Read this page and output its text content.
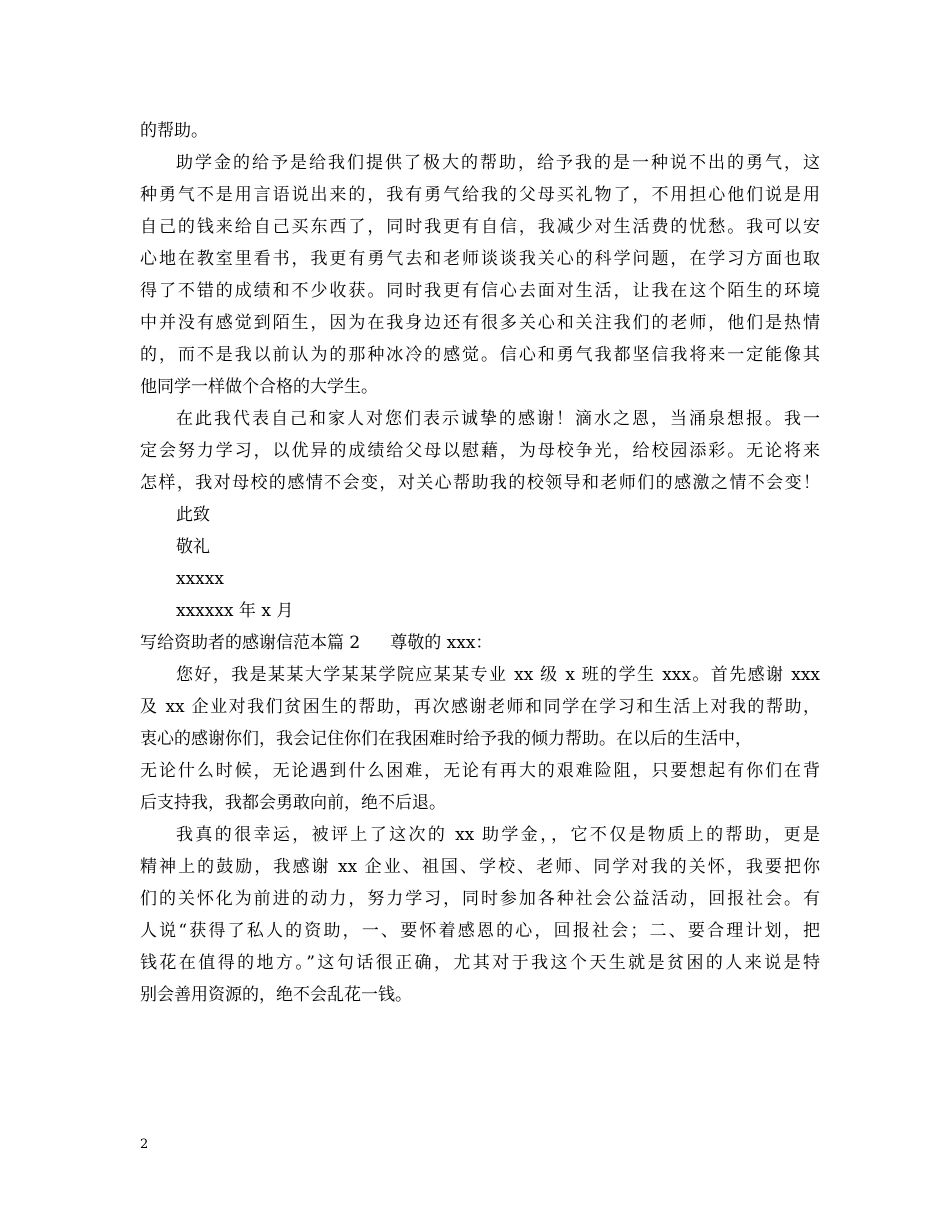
的帮助。
助学金的给予是给我们提供了极大的帮助，给予我的是一种说不出的勇气，这
种勇气不是用言语说出来的，我有勇气给我的父母买礼物了，不用担心他们说是用
自己的钱来给自己买东西了，同时我更有自信，我减少对生活费的忧愁。我可以安
心地在教室里看书，我更有勇气去和老师谈谈我关心的科学问题，在学习方面也取
得了不错的成绩和不少收获。同时我更有信心去面对生活，让我在这个陌生的环境
中并没有感觉到陌生，因为在我身边还有很多关心和关注我们的老师，他们是热情
的，而不是我以前认为的那种冰冷的感觉。信心和勇气我都坚信我将来一定能像其
他同学一样做个合格的大学生。
在此我代表自己和家人对您们表示诚挚的感谢！滴水之恩，当涌泉想报。我一
定会努力学习，以优异的成绩给父母以慰藉，为母校争光，给校园添彩。无论将来
怎样，我对母校的感情不会变，对关心帮助我的校领导和老师们的感激之情不会变！
此致
敬礼
xxxxx
xxxxxx 年 x 月
写给资助者的感谢信范本篇 2 尊敬的 xxx：
您好，我是某某大学某某学院应某某专业 xx 级 x 班的学生 xxx。首先感谢 xxx
及 xx 企业对我们贫困生的帮助，再次感谢老师和同学在学习和生活上对我的帮助，
衷心的感谢你们，我会记住你们在我困难时给予我的倾力帮助。在以后的生活中，
无论什么时候，无论遇到什么困难，无论有再大的艰难险阻，只要想起有你们在背
后支持我，我都会勇敢向前，绝不后退。
我真的很幸运，被评上了这次的 xx 助学金，，它不仅是物质上的帮助，更是
精神上的鼓励，我感谢 xx 企业、祖国、学校、老师、同学对我的关怀，我要把你
们的关怀化为前进的动力，努力学习，同时参加各种社会公益活动，回报社会。有
人说“获得了私人的资助，一、要怀着感恩的心，回报社会；二、要合理计划，把
钱花在值得的地方。”这句话很正确，尤其对于我这个天生就是贫困的人来说是特
别会善用资源的，绝不会乱花一钱。
2
